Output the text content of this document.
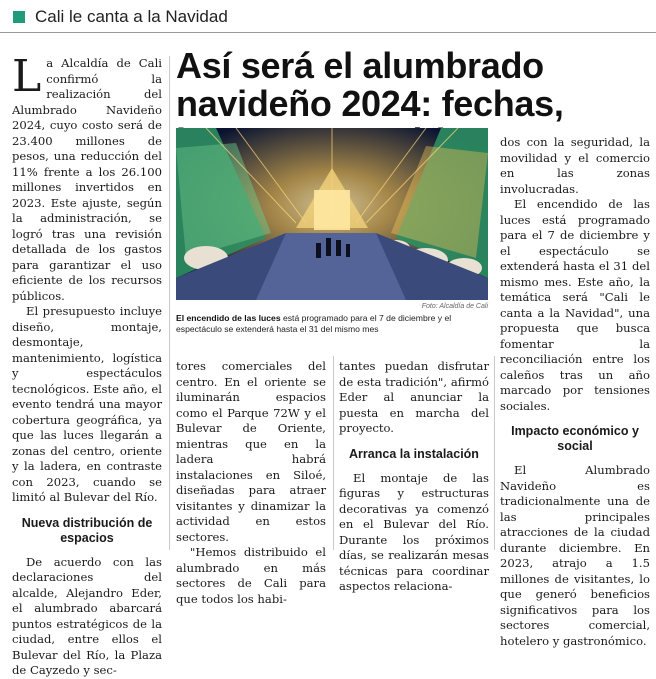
Cali le canta a la Navidad

La Alcaldía de Cali confirmó la realización del Alumbrado Navideño 2024, cuyo costo será de 23.400 millones de pesos, una reducción del 11% frente a los 26.100 millones invertidos en 2023. Este ajuste, según la administración, se logró tras una revisión detallada de los gastos para garantizar el uso eficiente de los recursos públicos.

El presupuesto incluye diseño, montaje, desmontaje, mantenimiento, logística y espectáculos tecnológicos. Este año, el evento tendrá una mayor cobertura geográfica, ya que las luces llegarán a zonas del centro, oriente y la ladera, en contraste con 2023, cuando se limitó al Bulevar del Río.

Nueva distribución de espacios

De acuerdo con las declaraciones del alcalde, Alejandro Eder, el alumbrado abarcará puntos estratégicos de la ciudad, entre ellos el Bulevar del Río, la Plaza de Cayzedo y sec-

Así será el alumbrado navideño 2024: fechas,
Foto: Alcaldía de Cali
El encendido de las luces está programado para el 7 de diciembre y el espectáculo se extenderá hasta el 31 del mismo mes

tores comerciales del centro. En el oriente se iluminarán espacios como el Parque 72W y el Bulevar de Oriente, mientras que en la ladera habrá instalaciones en Siloé, diseñadas para atraer visitantes y dinamizar la actividad en estos sectores.

"Hemos distribuido el alumbrado en más sectores de Cali para que todos los habi-

tantes puedan disfrutar de esta tradición", afirmó Eder al anunciar la puesta en marcha del proyecto.

Arranca la instalación

El montaje de las figuras y estructuras decorativas ya comenzó en el Bulevar del Río. Durante los próximos días, se realizarán mesas técnicas para coordinar aspectos relaciona-

dos con la seguridad, la movilidad y el comercio en las zonas involucradas.

El encendido de las luces está programado para el 7 de diciembre y el espectáculo se extenderá hasta el 31 del mismo mes. Este año, la temática será "Cali le canta a la Navidad", una propuesta que busca fomentar la reconciliación entre los caleños tras un año marcado por tensiones sociales.

Impacto económico y social

El Alumbrado Navideño es tradicionalmente una de las principales atracciones de la ciudad durante diciembre. En 2023, atrajo a 1.5 millones de visitantes, lo que generó beneficios significativos para los sectores comercial, hotelero y gastronómico.
